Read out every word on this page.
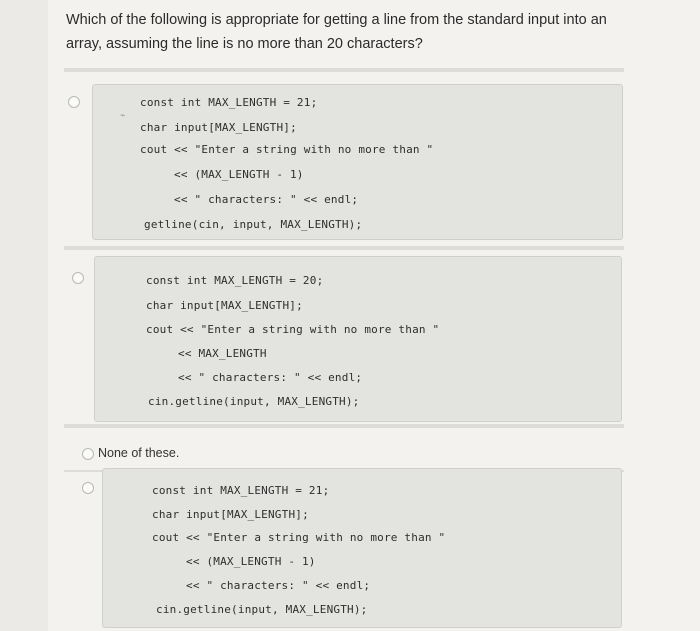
Which of the following is appropriate for getting a line from the standard input into an array, assuming the line is no more than 20 characters?
⌁
const int MAX_LENGTH = 21;
char input[MAX_LENGTH];
cout << "Enter a string with no more than "
<< (MAX_LENGTH - 1)
<< " characters: " << endl;
getline(cin, input, MAX_LENGTH);
const int MAX_LENGTH = 20;
char input[MAX_LENGTH];
cout << "Enter a string with no more than "
<< MAX_LENGTH
<< " characters: " << endl;
cin.getline(input, MAX_LENGTH);
None of these.
const int MAX_LENGTH = 21;
char input[MAX_LENGTH];
cout << "Enter a string with no more than "
<< (MAX_LENGTH - 1)
<< " characters: " << endl;
cin.getline(input, MAX_LENGTH);
